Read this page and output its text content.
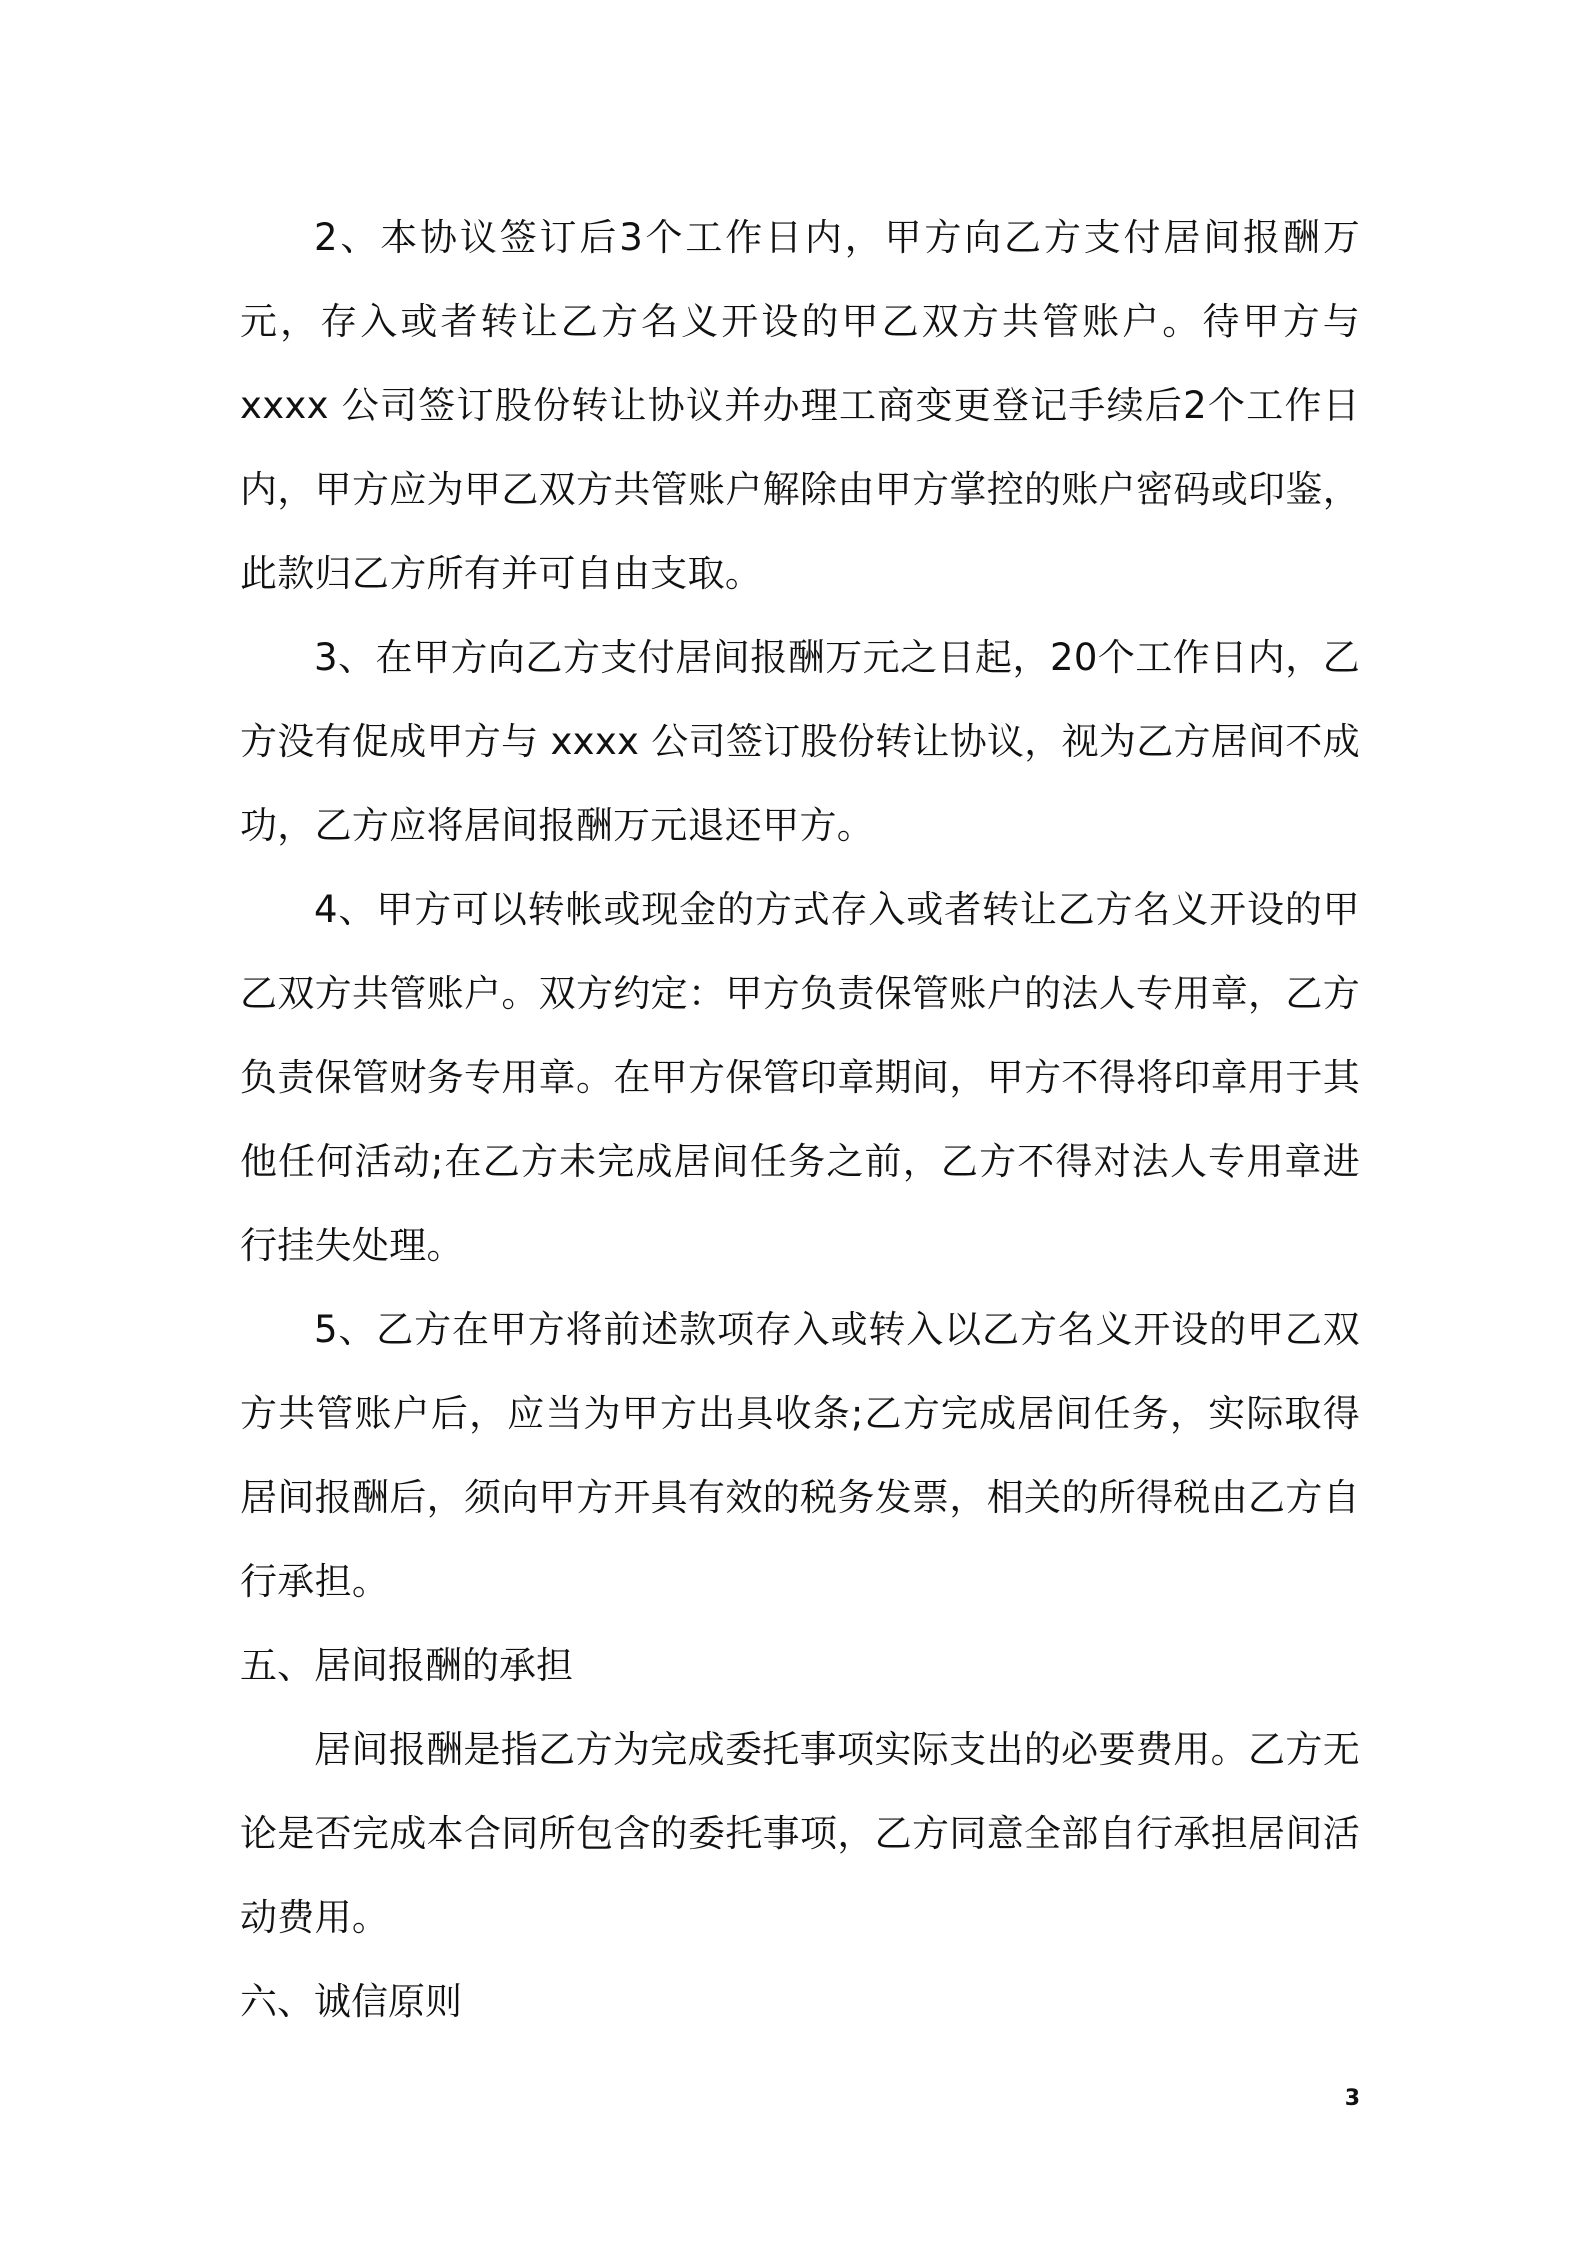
2、本协议签订后3个工作日内，甲方向乙方支付居间报酬万元，存入或者转让乙方名义开设的甲乙双方共管账户。待甲方与 xxxx 公司签订股份转让协议并办理工商变更登记手续后2个工作日内，甲方应为甲乙双方共管账户解除由甲方掌控的账户密码或印鉴，此款归乙方所有并可自由支取。

3、在甲方向乙方支付居间报酬万元之日起，20个工作日内，乙方没有促成甲方与 xxxx 公司签订股份转让协议，视为乙方居间不成功，乙方应将居间报酬万元退还甲方。

4、甲方可以转帐或现金的方式存入或者转让乙方名义开设的甲乙双方共管账户。双方约定：甲方负责保管账户的法人专用章，乙方负责保管财务专用章。在甲方保管印章期间，甲方不得将印章用于其他任何活动;在乙方未完成居间任务之前，乙方不得对法人专用章进行挂失处理。

5、乙方在甲方将前述款项存入或转入以乙方名义开设的甲乙双方共管账户后，应当为甲方出具收条;乙方完成居间任务，实际取得居间报酬后，须向甲方开具有效的税务发票，相关的所得税由乙方自行承担。

五、居间报酬的承担

居间报酬是指乙方为完成委托事项实际支出的必要费用。乙方无论是否完成本合同所包含的委托事项，乙方同意全部自行承担居间活动费用。

六、诚信原则

3
